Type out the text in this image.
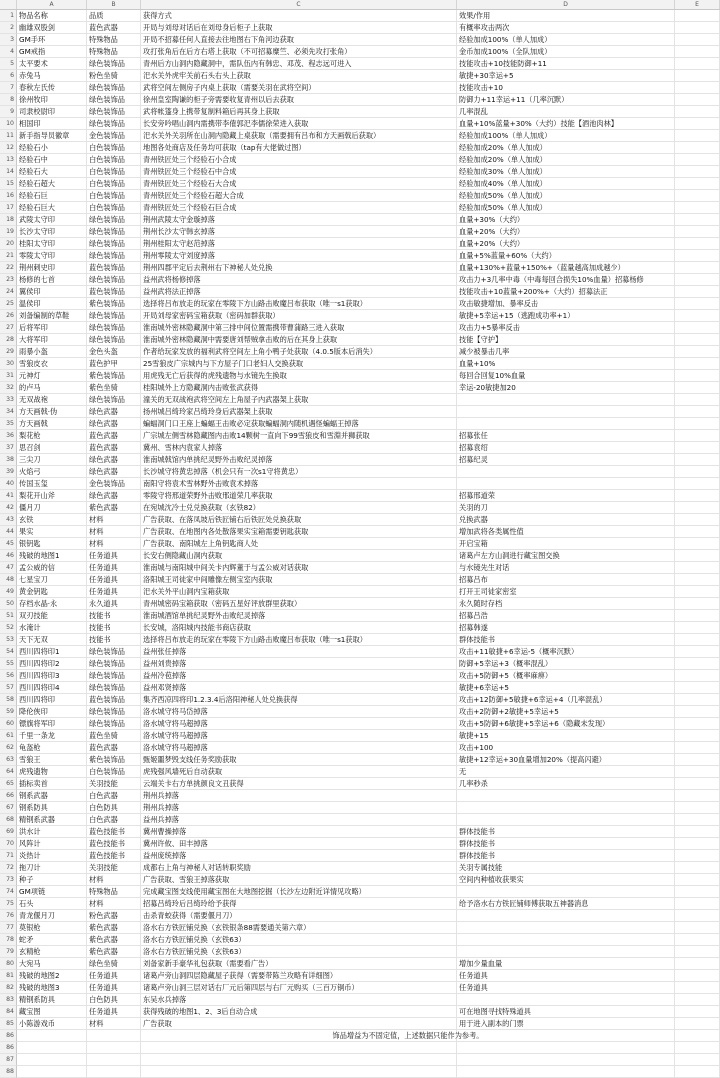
A	B	C	D	E
1 物品名称	品质	获得方式	效果/作用
2 幽雄双股剑	蓝色武器	开局与刘母对话后在刘母身后柜子上获取	有概率攻击两次
3 GM手环	特殊物品	开局不招募任何人直接去往地图右下角河边获取	经验加成100%（单人加成）
4 GM戒指	特殊物品	攻打张角后在后方右塔上获取（不可招募糜竺、必须先攻打张角）	金币加成100%（全队加成）
5 太平要术	绿色装饰品	青州后方山洞内隐藏洞中，需队伍内有韩忠、邓茂、程志远可进入	技能攻击+10技能防御+11
6 赤兔马	粉色坐骑	汜水关外虎牢关前石头右头上获取	敏捷+30幸运+5
7 春秋左氏传	绿色装饰品	武将空间左侧房子内桌上获取（需要关羽在武将空间）	技能攻击+10
8 徐州牧印	绿色装饰品	徐州皇室陶谦的柜子旁需要收复青州以后去获取	防御力+11幸运+11（几率沉默）
9 司隶校尉印	绿色装饰品	武将帐篷身上携带复制料箱后再其身上获取	几率混乱
10 相国印	绿色装饰品	长安旁吟唱山洞内需携带李傕郭汜李儒徐荣进入获取	血量+10%蓝量+30%（大约）技能【酒池肉林】
11 新手指导员徽章	金色装饰品	汜水关外关羽所在山洞内隐藏上桌获取（需要拥有吕布和方天画戟后获取）	经验加成100%（单人加成）
12 经验石小	白色装饰品	地图各处商店及任务均可获取（tap有大佬做过图）	经验加成20%（单人加成）
13 经验石中	白色装饰品	青州铁匠处三个经验石小合成	经验加成20%（单人加成）
14 经验石大	白色装饰品	青州铁匠处三个经验石中合成	经验加成30%（单人加成）
15 经验石超大	白色装饰品	青州铁匠处三个经验石大合成	经验加成40%（单人加成）
16 经验石巨	白色装饰品	青州铁匠处三个经验石超大合成	经验加成50%（单人加成）
17 经验石巨大	白色装饰品	青州铁匠处三个经验石巨合成	经验加成50%（单人加成）
18 武陵太守印	绿色装饰品	荆州武陵太守金璇掉落	血量+30%（大约）
19 长沙太守印	绿色装饰品	荆州长沙太守韩玄掉落	血量+20%（大约）
20 桂阳太守印	绿色装饰品	荆州桂阳太守赵范掉落	血量+20%（大约）
21 零陵太守印	绿色装饰品	荆州零陵太守刘度掉落	血量+5%蓝量+60%（大约）
22 荆州刺史印	蓝色装饰品	荆州四郡平定后去荆州右下神秘人处兑换	血量+130%+蓝量+150%+（蓝量越高加成越少）
23 杨修的七首	绿色装饰品	益州武将杨修掉落	攻击力+3几率中毒（中毒每回合损失10%血量）招募杨修
24 翼侯印	蓝色装饰品	益州武将法正掉落	技能攻击+10蓝量+200%+（大约）招募法正
25 温侯印	紫色装饰品	选择将吕布放走的玩家在零陵下方山路击败魔吕布获取（唯一s1获取）	攻击敏捷增加、暴率反击
26 刘备编制的草鞋	绿色装饰品	开局刘母家密码宝箱获取（密码加群获取）	敏捷+5幸运+15（逃跑成功率+1）
27 后将军印	绿色装饰品	淮南城外密林隐藏洞中第三排中间位置需携带曹蒲路三进入获取	攻击力+5暴率反击
28 大将军印	绿色装饰品	淮南城外密林隐藏洞中需要唐刘帮贼拿击败的后在其身上获取	技能【守护】
29 雨暴小盔	金色头盔	作者给玩家发放的福利武将空间左上角小鸭子处获取（4.0.5版本后消失）	减少被暴击几率
30 雪狼皮衣	蓝色护甲	25雪狼皮广宗城内与下方屋子门口老妇人交换获取	血量+10%
31 元神灯	紫色装饰品	用虎残无亡后获得的虎残遗物与水镜先生换取	每回合回复10%血量
32 的卢马	紫色坐骑	桂阳城外上方隐藏洞内击败张武获得	幸运-20敏捷加20
33 无双战袍	绿色装饰品	潼关的无双战袍武将空间左上角屋子内武器架上获取
34 方天画戟·伪	绿色武器	扬州城吕绮玲家吕绮玲身后武器架上获取
35 方天画戟	绿色武器	蝙蝠洞门口王座上蝙蝠王击败必定获取蝙蝠洞内随机遇怪蝙蝠王掉落
36 梨花枪	蓝色武器	广宗城左侧雪林隐藏图内击败14颗树一直向下99雪狼皮和雪淵并狮获取	招募张任
37 思召剑	蓝色武器	冀州、雪林内袁家人掉落	招募袁绍
38 三尖刀	绿色武器	淮南城戟馆内单挑纪灵野外击败纪灵掉落	招募纪灵
39 火焰弓	绿色武器	长沙城守将黄忠掉落（机会只有一次s1守将黄忠）
40 传国玉玺	金色装饰品	南阳守将袁术雪林野外击败袁术掉落
41 梨花开山斧	绿色武器	零陵守将邢道荣野外击败邢道荣几率获取	招募邢道荣
42 僵月刀	紫色武器	在宛城沈冷士兑兑换获取（玄铁82）	关羽的刀
43 玄铁	材料	广告获取、在落凤坡后铁匠铺右后铁匠处兑换获取	兑换武器
44 果实	材料	广告获取、在地图内各处散落果实宝箱需要钥匙获取	增加武将各类属性值
45 银钥匙	材料	广告获取、南阳城左上角钥匙商人处	开启宝箱
46 残破的地图1	任务道具	长安右侧隐藏山洞内获取	诸葛卢左方山洞进行藏宝图交换
47 孟公威的信	任务道具	淮南城与南阳城中间关卡内辉董于与孟公威对话获取	与水镜先生对话
48 七星宝刀	任务道具	洛阳城王司徒家中间雕像左侧宝室内获取	招募吕布
49 黄金钥匙	任务道具	汜水关外平山洞内宝箱获取	打开王司徒家密室
50 存档水晶·永	永久道具	青州城密码宝箱获取（密码五星好评放群里获取）	永久随时存档
51 双刃技能	技能书	淮南城酒馆单挑纪灵野外击败纪灵掉落	招募吕浩
52 水淹计	技能书	长安城，洛阳城内技能书商店获取	招募韩遂
53 天下无双	技能书	选择将吕布放走的玩家在零陵下方山路击败魔吕布获取（唯一s1获取）	群体技能书
54 西川四将印1	绿色装饰品	益州张任掉落	攻击+11敏捷+6幸运-5（概率沉默）
55 西川四将印2	绿色装饰品	益州刘贵掉落	防御+5幸运+3（概率混乱）
56 西川四将印3	绿色装饰品	益州冷苞掉落	攻击+5防御+5（概率麻痹）
57 西川四将印4	绿色装饰品	益州邓贤掉落	敏捷+6幸运+5
58 西川四将印	蓝色装饰品	集齐西凉四将印1.2.3.4后洛阳神秘人处兑换获得	攻击+12防御+5敏捷+6幸运+4（几率混乱）
59 降伦俠印	绿色装饰品	洛水城守将马岱掉落	攻击+2防御+2敏捷+5幸运+5
60 镖旗将军印	绿色装饰品	洛水城守将马超掉落	攻击+5防御+6敏捷+5幸运+6（隐藏未发现）
61 千里一条龙	蓝色坐骑	洛水城守将马超掉落	敏捷+15
62 龟盔枪	蓝色武器	洛水城守将马超掉落	攻击+100
63 雪狼王	紫色装饰品	甄姬噩梦毁支线任务奖励获取	敏捷+12幸运+30血量增加20%（提高闪避）
64 虎残遗物	白色装饰品	虎残强风墙死后自动获取	无
65 插标卖首	关羽技能	云端关卡右方单挑颜良文丑获得	几率秒杀
66 钢系武器	白色武器	荆州兵掉落
67 钢系防具	白色防具	荆州兵掉落
68 精钢系武器	白色武器	益州兵掉落
69 洪水计	蓝色技能书	冀州曹操掉落	群体技能书
70 风阵计	蓝色技能书	冀州许攸、田丰掉落	群体技能书
71 炎热计	蓝色技能书	益州庞统掉落	群体技能书
72 拖刀计	关羽技能	成都右上角与神秘人对话转职奖励	关羽专属技能
73 种子	材料	广告获取、雪狼王掉落获取	空间内种植收获果实
74 GM项链	特殊物品	完成藏宝图支线使用藏宝图在大地图挖掘（长沙左边附近详情见攻略）
75 石头	材料	招募吕绮玲后吕绮玲给予获得	给予洛水右方铁匠铺师傅获取五神器消息
76 青龙偃月刀	粉色武器	击杀青蛟获得（需要偃月刀）
77 莫银枪	紫色武器	洛水右方铁匠铺兑换（玄铁银条88需要通关第六章）
78 蛇矛	紫色武器	洛水右方铁匠铺兑换（玄铁63）
79 玄精枪	紫色武器	洛水右方铁匠铺兑换（玄铁63）
80 大宛马	绿色坐骑	刘备家新手豪华礼包获取（需要看广告）	增加少量血量
81 残破的地图2	任务道具	诸葛卢旁山洞四层隐藏屋子获得（需要带陈兰攻略有详细图）	任务道具
82 残破的地图3	任务道具	诸葛卢旁山洞三层对话右厂元后第四层与右厂元购买（三百万铜币）	任务道具
83 精钢系防具	白色防具	东吴水兵掉落
84 藏宝图	任务道具	获得残破的地图1、2、3后自动合成	可在地图寻找特殊道具
85 小陈游戏币	材料	广告获取	用于进入副本的门票
86	饰品增益为不固定值，上述数据只能作为参考。
86
87
88
